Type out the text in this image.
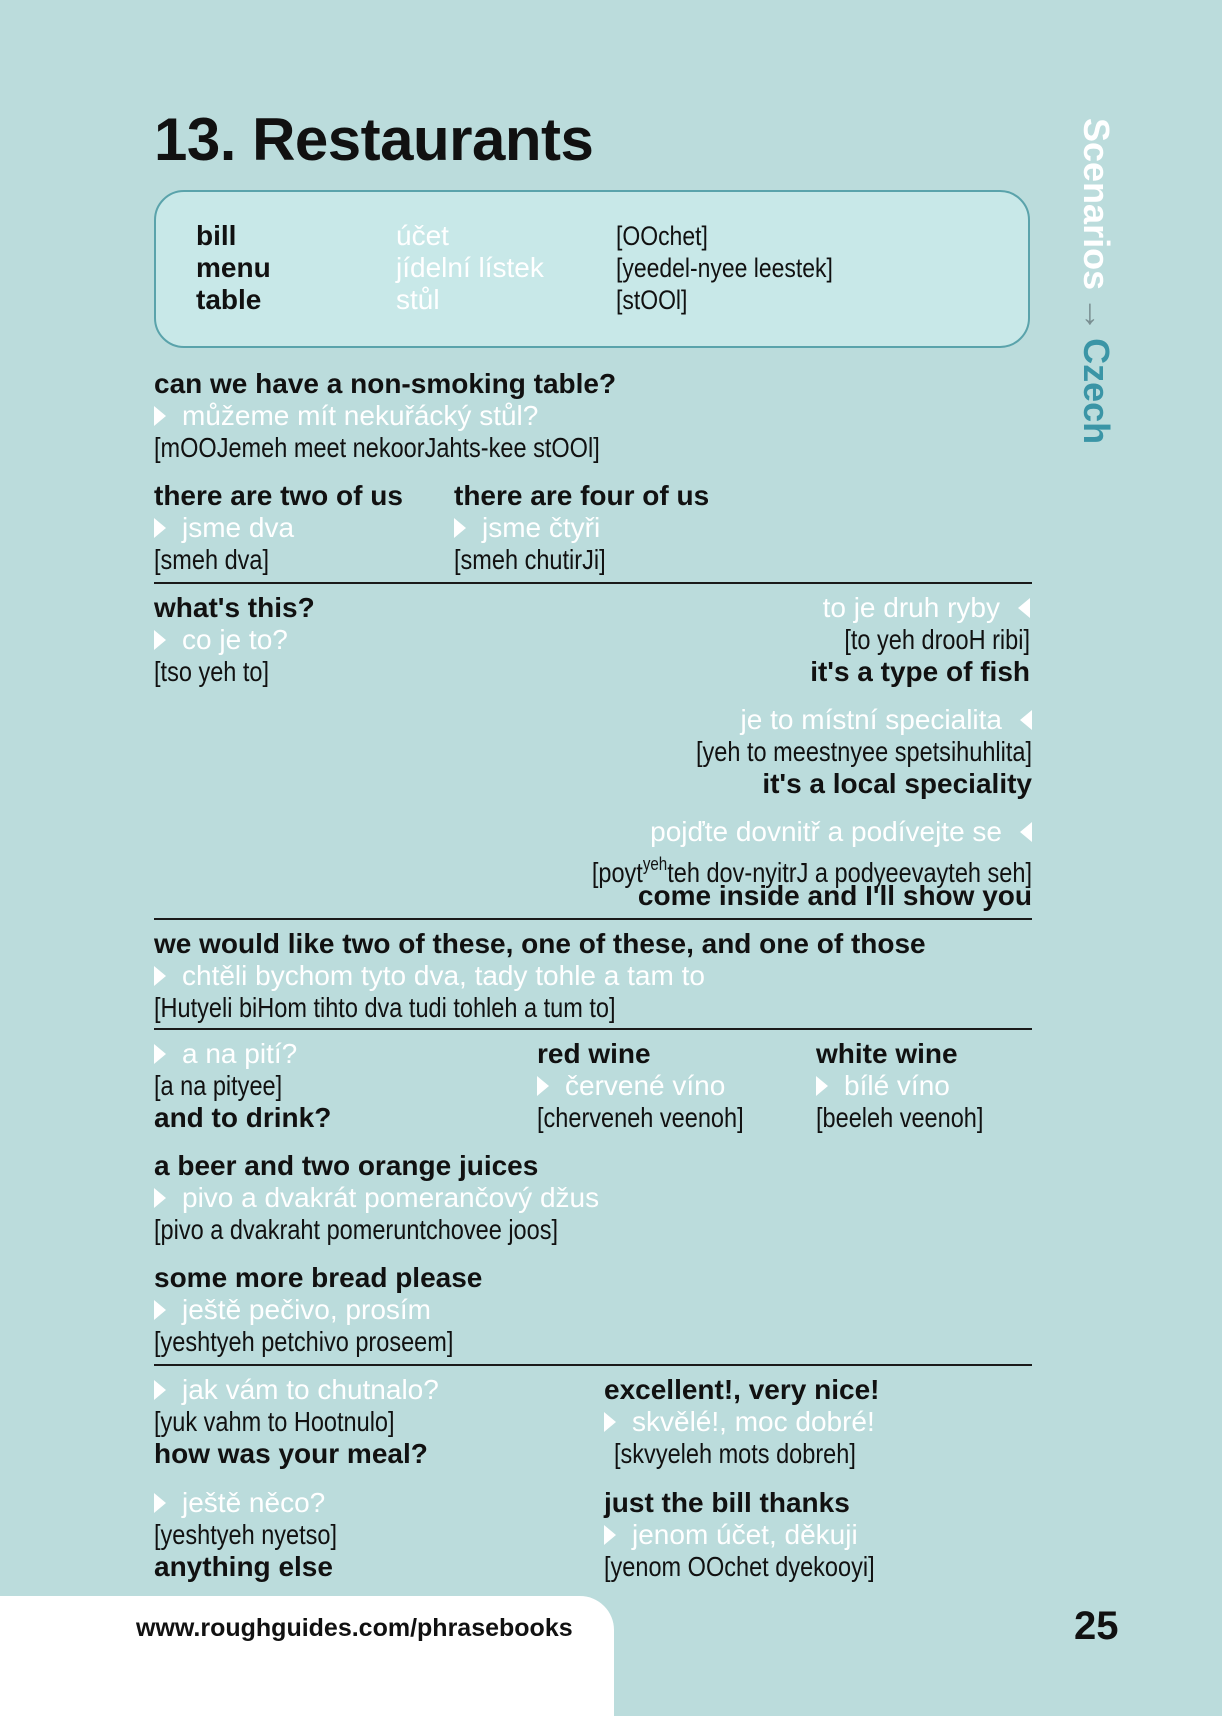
13. Restaurants	Scenarios→Czech
bill	účet	[OOchet]
menu	jídelní lístek	[yeedel-nyee leestek]
table	stůl	[stOOl]
can we have a non-smoking table?
můžeme mít nekuřácký stůl?
[mOOJemeh meet nekoorJahts-kee stOOl]
there are two of us
jsme dva
[smeh dva]
there are four of us
jsme čtyři
[smeh chutirJi]
what's this?
co je to?
[tso yeh to]
to je druh ryby
[to yeh drooH ribi]
it's a type of fish
je to místní specialita
[yeh to meestnyee spetsihuhlita]
it's a local speciality
pojďte dovnitř a podívejte se
[poyt$^{yeh}$teh dov-nyitrJ a podyeevayteh seh]
come inside and I'll show you
we would like two of these, one of these, and one of those
chtěli bychom tyto dva, tady tohle a tam to
[Hutyeli biHom tihto dva tudi tohleh a tum to]
a na pití?
[a na pityee]
and to drink?
red wine
červené víno
[cherveneh veenoh]
white wine
bílé víno
[beeleh veenoh]
a beer and two orange juices
pivo a dvakrát pomerančový džus
[pivo a dvakraht pomeruntchovee joos]
some more bread please
ještě pečivo, prosím
[yeshtyeh petchivo proseem]
jak vám to chutnalo?
[yuk vahm to Hootnulo]
how was your meal?
excellent!, very nice!
skvělé!, moc dobré!
[skvyeleh mots dobreh]
ještě něco?
[yeshtyeh nyetso]
anything else
just the bill thanks
jenom účet, děkuji
[yenom OOchet dyekooyi]
www.roughguides.com/phrasebooks	25
